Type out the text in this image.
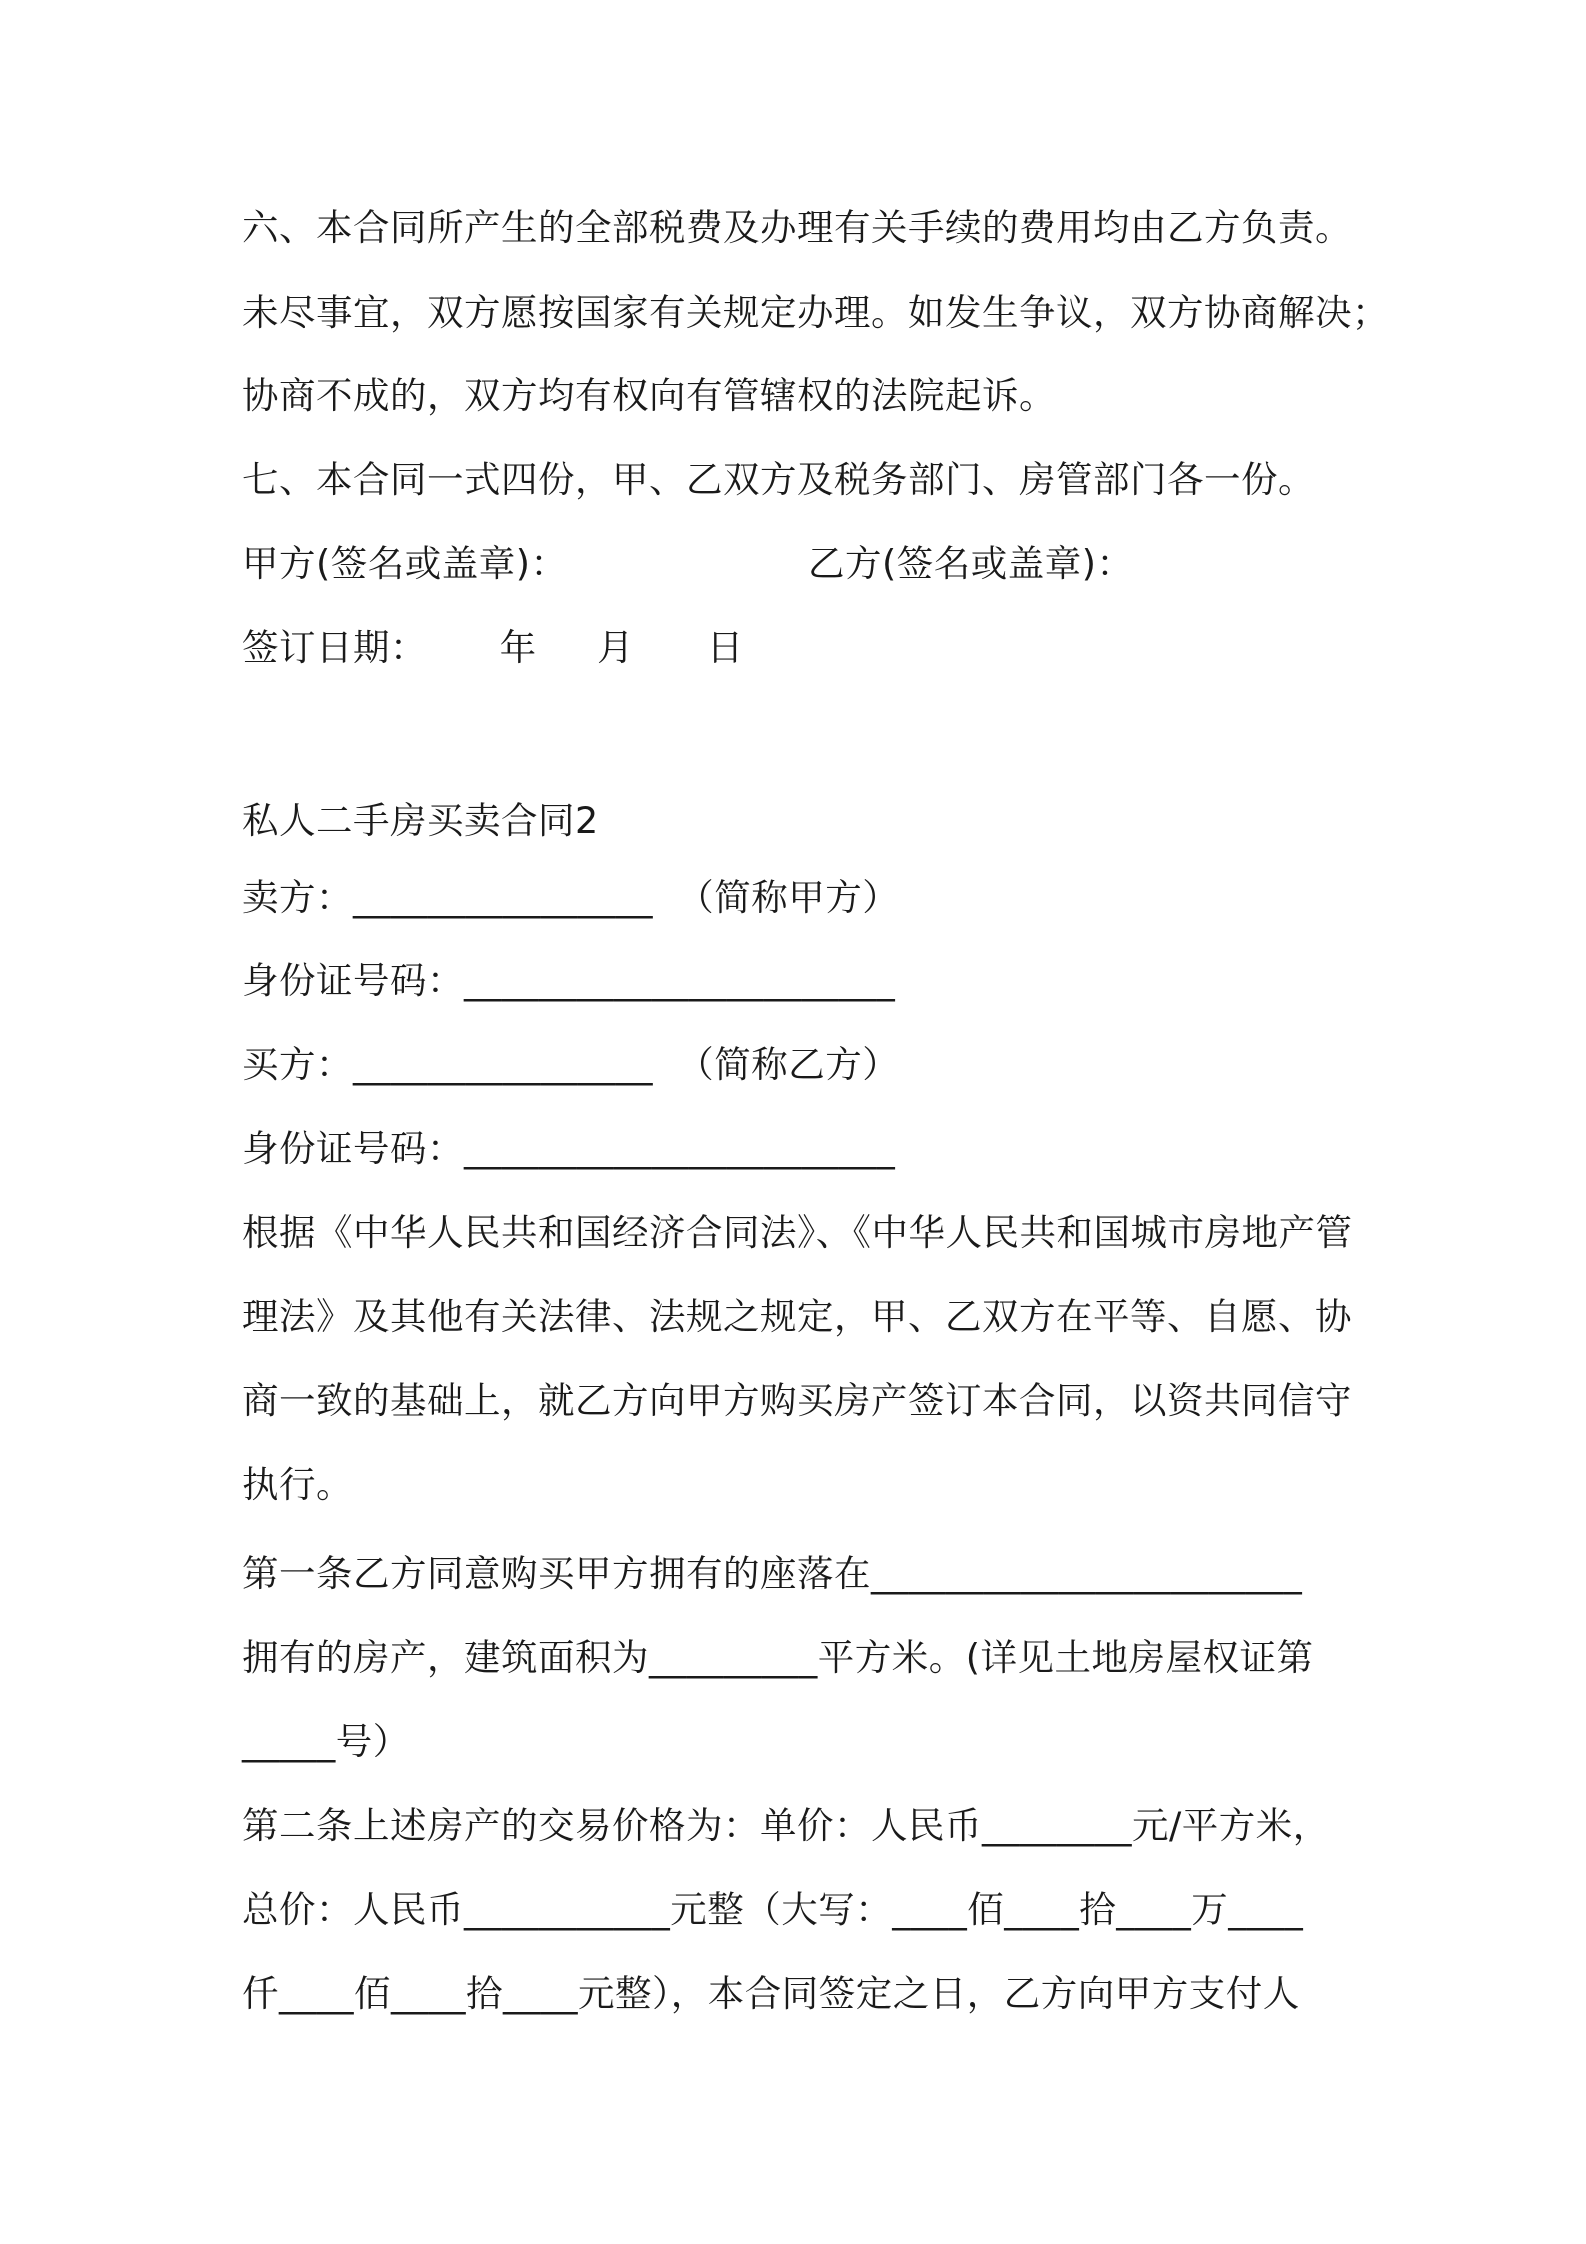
六、本合同所产生的全部税费及办理有关手续的费用均由乙方负责。
未尽事宜，双方愿按国家有关规定办理。如发生争议，双方协商解决；
协商不成的，双方均有权向有管辖权的法院起诉。
七、本合同一式四份，甲、乙双方及税务部门、房管部门各一份。
甲方(签名或盖章)：	乙方(签名或盖章)：
签订日期：      年     月      日
私人二手房买卖合同2
卖方：________________  （简称甲方）
身份证号码：_______________________
买方：________________  （简称乙方）
身份证号码：_______________________
根据《中华人民共和国经济合同法》、《中华人民共和国城市房地产管
理法》及其他有关法律、法规之规定，甲、乙双方在平等、自愿、协
商一致的基础上，就乙方向甲方购买房产签订本合同，以资共同信守
执行。
第一条乙方同意购买甲方拥有的座落在_______________________
拥有的房产，建筑面积为_________平方米。(详见土地房屋权证第
_____号）
第二条上述房产的交易价格为：单价：人民币________元/平方米，
总价：人民币___________元整（大写：____佰____拾____万____
仟____佰____拾____元整），本合同签定之日，乙方向甲方支付人
